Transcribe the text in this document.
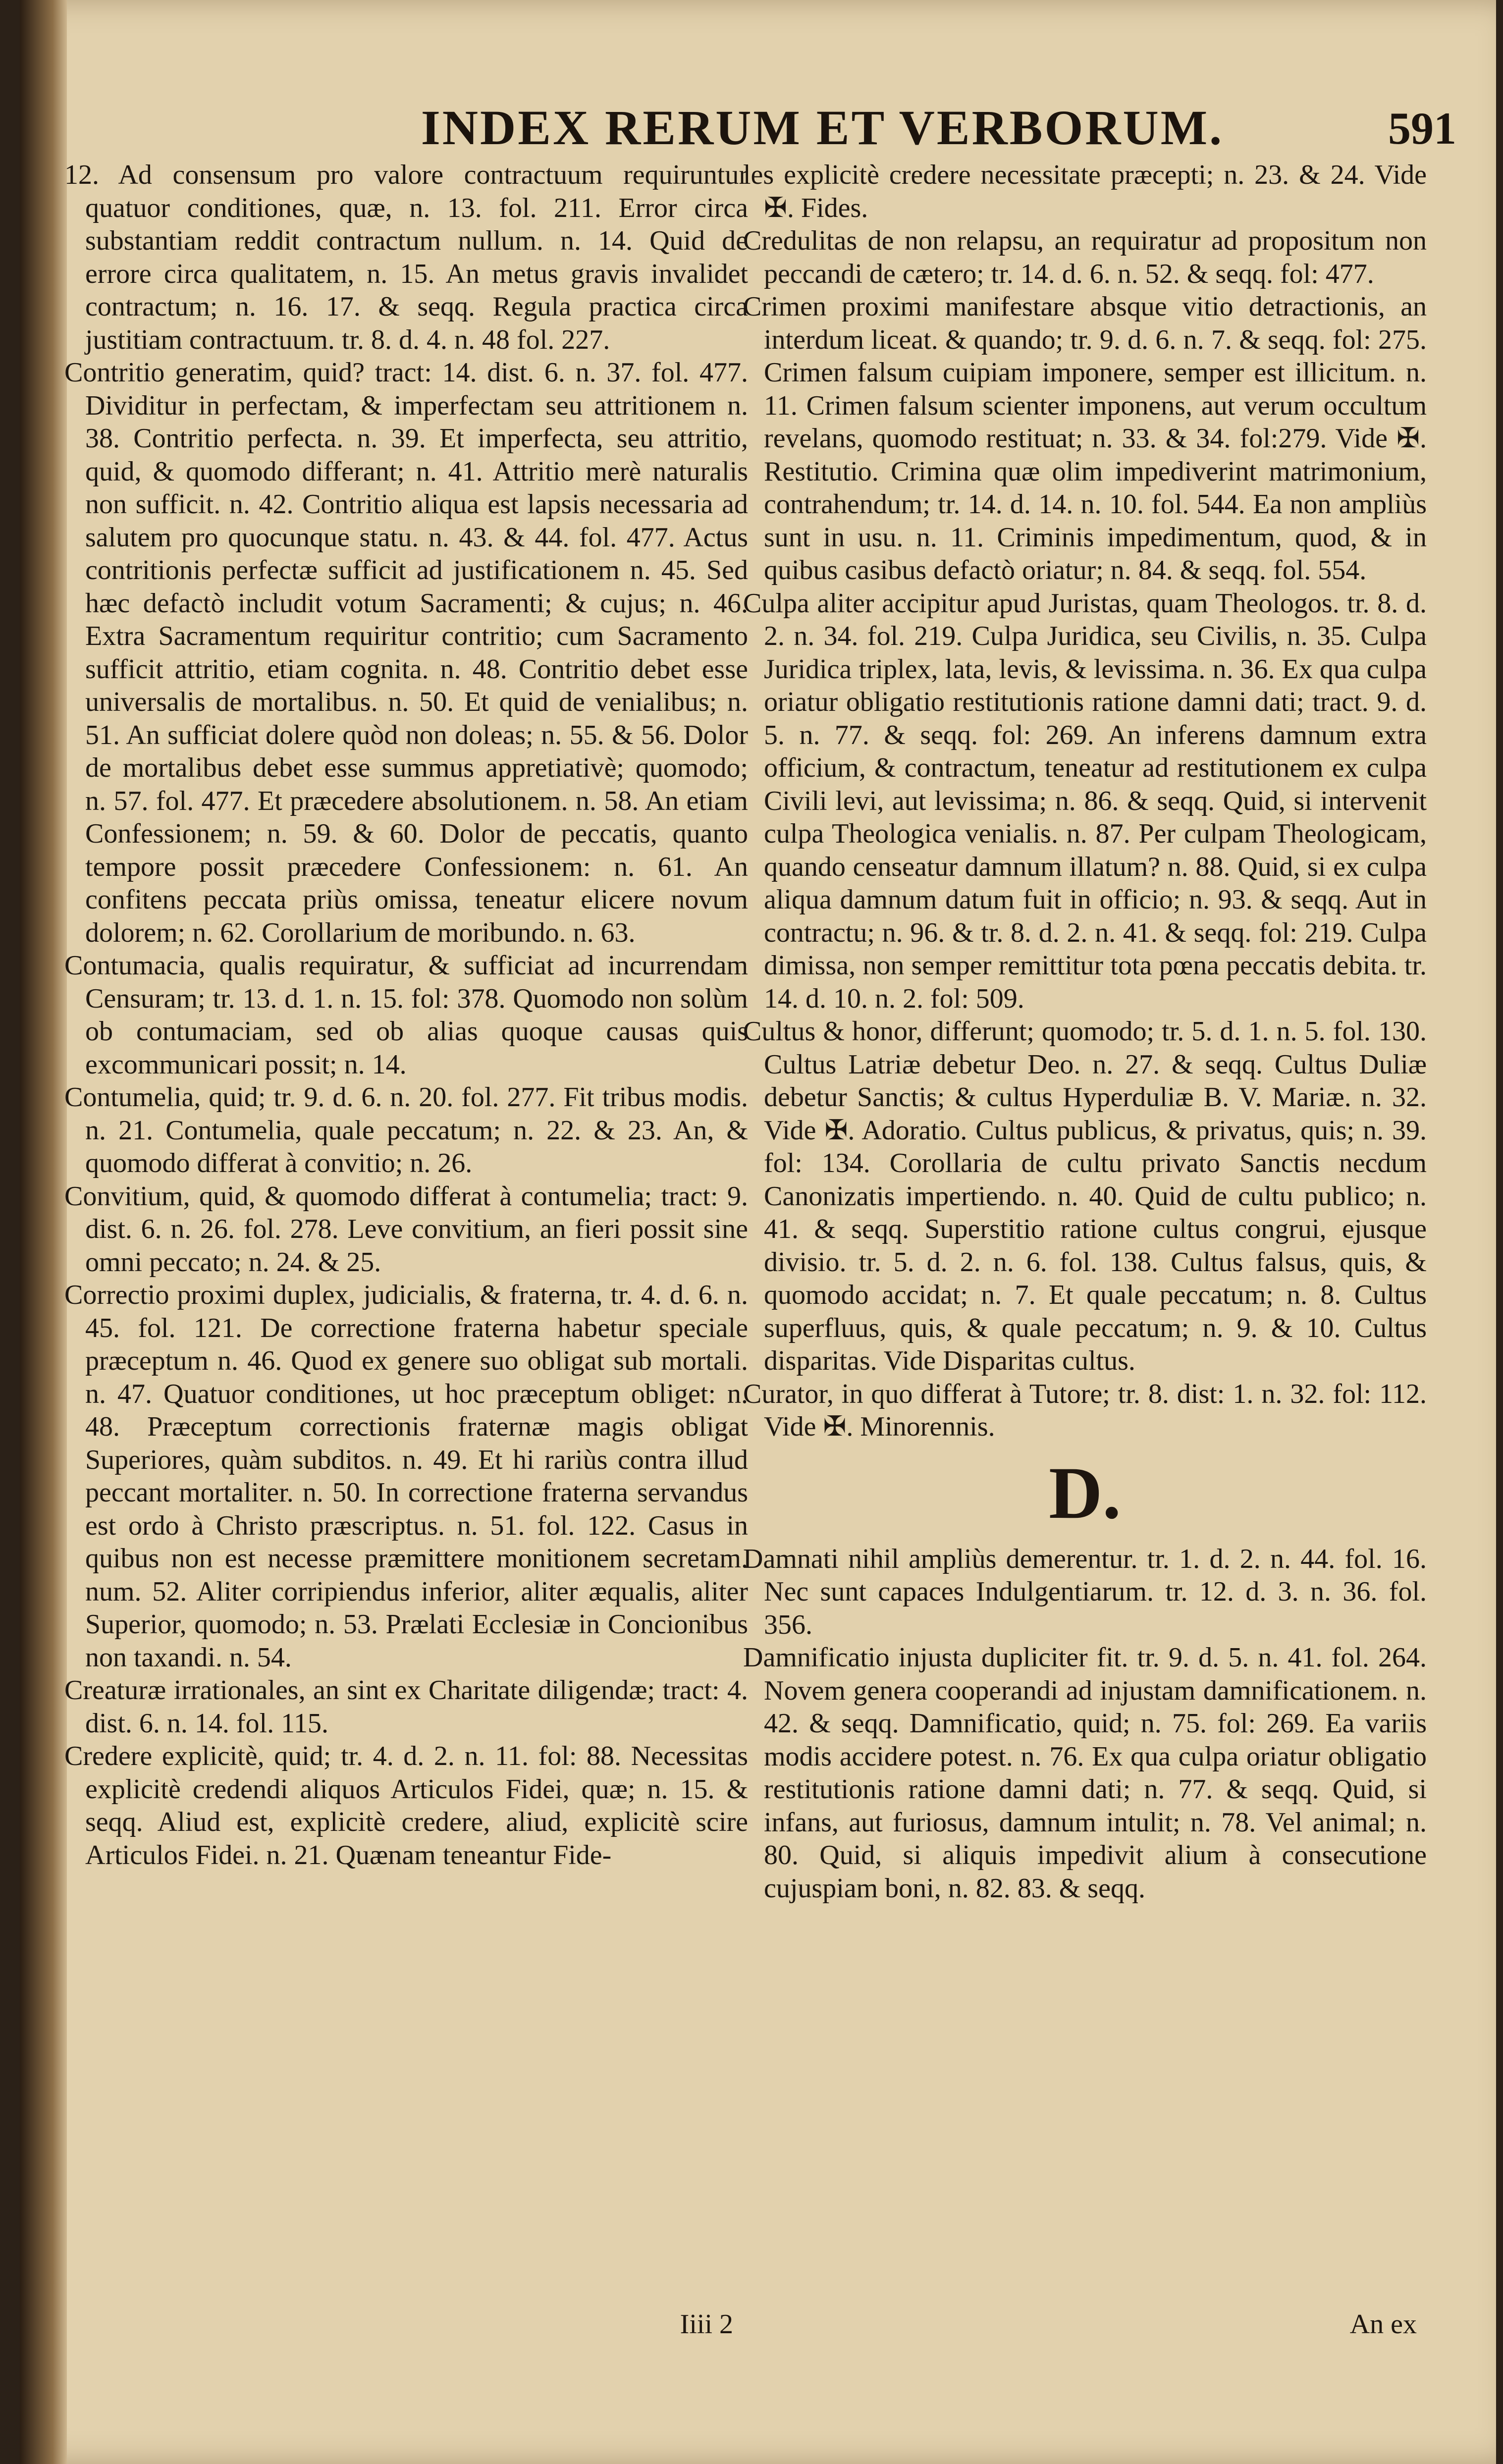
INDEX RERUM ET VERBORUM.	591

12. Ad consensum pro valore contractuum requiruntur quatuor conditiones, quæ, n. 13. fol. 211. Error circa substantiam reddit contractum nullum. n. 14. Quid de errore circa qualitatem, n. 15. An metus gravis invalidet contractum; n. 16. 17. & seqq. Regula practica circa justitiam contractuum. tr. 8. d. 4. n. 48 fol. 227.

Contritio generatim, quid? tract: 14. dist. 6. n. 37. fol. 477. Dividitur in perfectam, & imperfectam seu attritionem n. 38. Contritio perfecta. n. 39. Et imperfecta, seu attritio, quid, & quomodo differant; n. 41. Attritio merè naturalis non sufficit. n. 42. Contritio aliqua est lapsis necessaria ad salutem pro quocunque statu. n. 43. & 44. fol. 477. Actus contritionis perfectæ sufficit ad justificationem n. 45. Sed hæc defactò includit votum Sacramenti; & cujus; n. 46. Extra Sacramentum requiritur contritio; cum Sacramento sufficit attritio, etiam cognita. n. 48. Contritio debet esse universalis de mortalibus. n. 50. Et quid de venialibus; n. 51. An sufficiat dolere quòd non doleas; n. 55. & 56. Dolor de mortalibus debet esse summus appretiativè; quomodo; n. 57. fol. 477. Et præcedere absolutionem. n. 58. An etiam Confessionem; n. 59. & 60. Dolor de peccatis, quanto tempore possit præcedere Confessionem: n. 61. An confitens peccata priùs omissa, teneatur elicere novum dolorem; n. 62. Corollarium de moribundo. n. 63.

Contumacia, qualis requiratur, & sufficiat ad incurrendam Censuram; tr. 13. d. 1. n. 15. fol: 378. Quomodo non solùm ob contumaciam, sed ob alias quoque causas quis excommunicari possit; n. 14.

Contumelia, quid; tr. 9. d. 6. n. 20. fol. 277. Fit tribus modis. n. 21. Contumelia, quale peccatum; n. 22. & 23. An, & quomodo differat à convitio; n. 26.

Convitium, quid, & quomodo differat à contumelia; tract: 9. dist. 6. n. 26. fol. 278. Leve convitium, an fieri possit sine omni peccato; n. 24. & 25.

Correctio proximi duplex, judicialis, & fraterna, tr. 4. d. 6. n. 45. fol. 121. De correctione fraterna habetur speciale præceptum n. 46. Quod ex genere suo obligat sub mortali. n. 47. Quatuor conditiones, ut hoc præceptum obliget: n. 48. Præceptum correctionis fraternæ magis obligat Superiores, quàm subditos. n. 49. Et hi rariùs contra illud peccant mortaliter. n. 50. In correctione fraterna servandus est ordo à Christo præscriptus. n. 51. fol. 122. Casus in quibus non est necesse præmittere monitionem secretam. num. 52. Aliter corripiendus inferior, aliter æqualis, aliter Superior, quomodo; n. 53. Prælati Ecclesiæ in Concionibus non taxandi. n. 54.

Creaturæ irrationales, an sint ex Charitate diligendæ; tract: 4. dist. 6. n. 14. fol. 115.

Credere explicitè, quid; tr. 4. d. 2. n. 11. fol: 88. Necessitas explicitè credendi aliquos Articulos Fidei, quæ; n. 15. & seqq. Aliud est, explicitè credere, aliud, explicitè scire Articulos Fidei. n. 21. Quænam teneantur Fide-

les explicitè credere necessitate præcepti; n. 23. & 24. Vide ✠. Fides.

Credulitas de non relapsu, an requiratur ad propositum non peccandi de cætero; tr. 14. d. 6. n. 52. & seqq. fol: 477.

Crimen proximi manifestare absque vitio detractionis, an interdum liceat. & quando; tr. 9. d. 6. n. 7. & seqq. fol: 275. Crimen falsum cuipiam imponere, semper est illicitum. n. 11. Crimen falsum scienter imponens, aut verum occultum revelans, quomodo restituat; n. 33. & 34. fol:279. Vide ✠. Restitutio. Crimina quæ olim impediverint matrimonium, contrahendum; tr. 14. d. 14. n. 10. fol. 544. Ea non ampliùs sunt in usu. n. 11. Criminis impedimentum, quod, & in quibus casibus defactò oriatur; n. 84. & seqq. fol. 554.

Culpa aliter accipitur apud Juristas, quam Theologos. tr. 8. d. 2. n. 34. fol. 219. Culpa Juridica, seu Civilis, n. 35. Culpa Juridica triplex, lata, levis, & levissima. n. 36. Ex qua culpa oriatur obligatio restitutionis ratione damni dati; tract. 9. d. 5. n. 77. & seqq. fol: 269. An inferens damnum extra officium, & contractum, teneatur ad restitutionem ex culpa Civili levi, aut levissima; n. 86. & seqq. Quid, si intervenit culpa Theologica venialis. n. 87. Per culpam Theologicam, quando censeatur damnum illatum? n. 88. Quid, si ex culpa aliqua damnum datum fuit in officio; n. 93. & seqq. Aut in contractu; n. 96. & tr. 8. d. 2. n. 41. & seqq. fol: 219. Culpa dimissa, non semper remittitur tota pœna peccatis debita. tr. 14. d. 10. n. 2. fol: 509.

Cultus & honor, differunt; quomodo; tr. 5. d. 1. n. 5. fol. 130. Cultus Latriæ debetur Deo. n. 27. & seqq. Cultus Duliæ debetur Sanctis; & cultus Hyperduliæ B. V. Mariæ. n. 32. Vide ✠. Adoratio. Cultus publicus, & privatus, quis; n. 39. fol: 134. Corollaria de cultu privato Sanctis necdum Canonizatis impertiendo. n. 40. Quid de cultu publico; n. 41. & seqq. Superstitio ratione cultus congrui, ejusque divisio. tr. 5. d. 2. n. 6. fol. 138. Cultus falsus, quis, & quomodo accidat; n. 7. Et quale peccatum; n. 8. Cultus superfluus, quis, & quale peccatum; n. 9. & 10. Cultus disparitas. Vide Disparitas cultus.

Curator, in quo differat à Tutore; tr. 8. dist: 1. n. 32. fol: 112. Vide ✠. Minorennis.

D.

Damnati nihil ampliùs demerentur. tr. 1. d. 2. n. 44. fol. 16. Nec sunt capaces Indulgentiarum. tr. 12. d. 3. n. 36. fol. 356.

Damnificatio injusta dupliciter fit. tr. 9. d. 5. n. 41. fol. 264. Novem genera cooperandi ad injustam damnificationem. n. 42. & seqq. Damnificatio, quid; n. 75. fol: 269. Ea variis modis accidere potest. n. 76. Ex qua culpa oriatur obligatio restitutionis ratione damni dati; n. 77. & seqq. Quid, si infans, aut furiosus, damnum intulit; n. 78. Vel animal; n. 80. Quid, si aliquis impedivit alium à consecutione cujuspiam boni, n. 82. 83. & seqq.

Iiii 2	An ex
